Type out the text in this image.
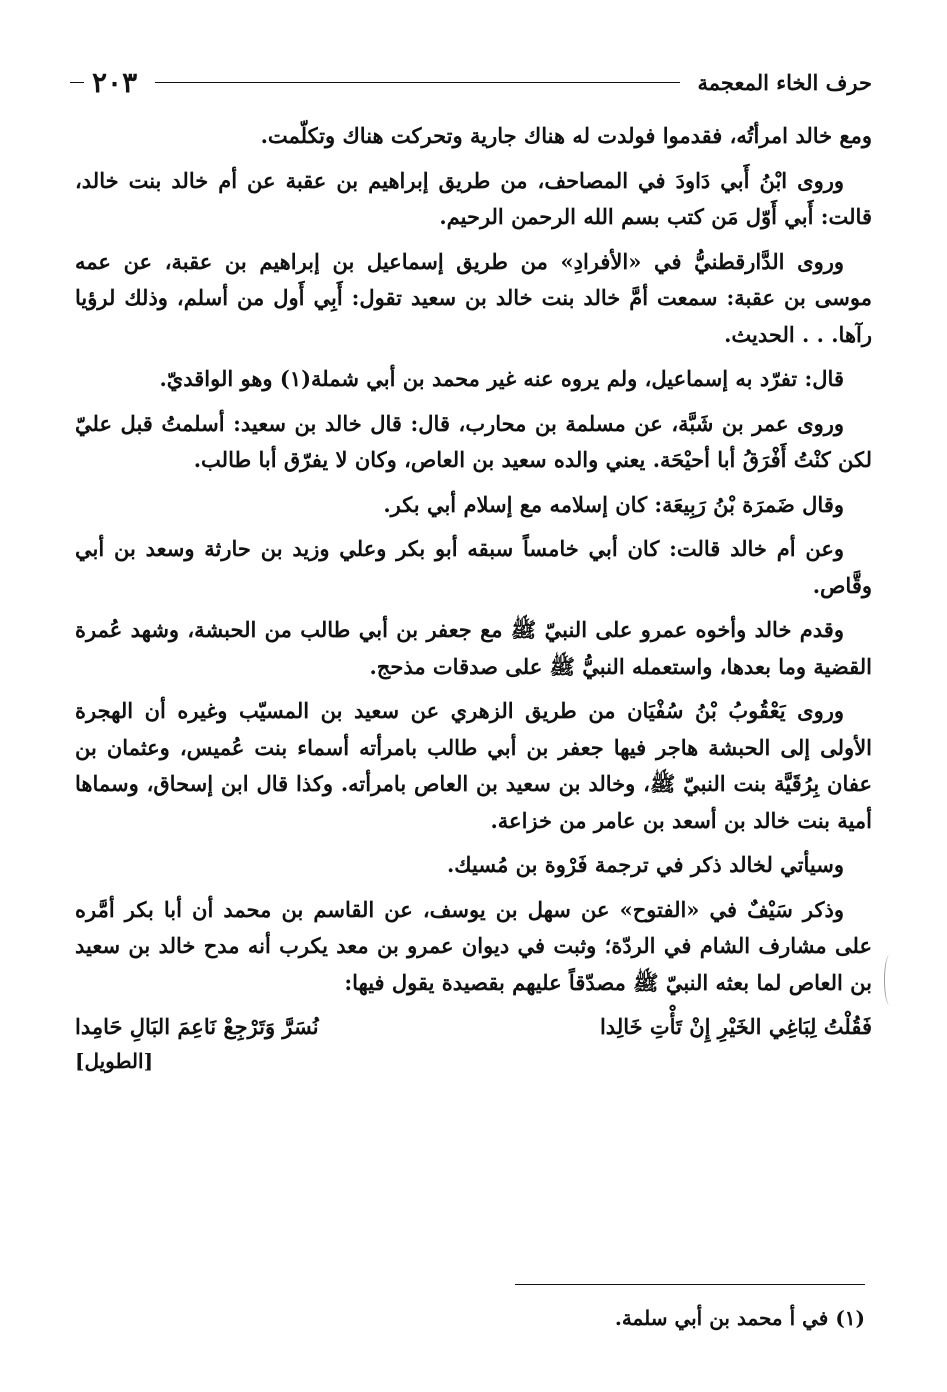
حرف الخاء المعجمة
٢٠٣

ومع خالد امرأتُه، فقدموا فولدت له هناك جارية وتحركت هناك وتكلّمت.

وروى ابْنُ أَبي دَاودَ في المصاحف، من طريق إبراهيم بن عقبة عن أم خالد بنت خالد، قالت: أَبي أَوّل مَن كتب بسم الله الرحمن الرحيم.

وروى الدَّارقطنيُّ في «الأفرادِ» من طريق إسماعيل بن إبراهيم بن عقبة، عن عمه موسى بن عقبة: سمعت أمَّ خالد بنت خالد بن سعيد تقول: أَبِي أَول من أسلم، وذلك لرؤيا رآها. . . الحديث.

قال: تفرّد به إسماعيل، ولم يروه عنه غير محمد بن أبي شملة(١) وهو الواقديّ.

وروى عمر بن شَبَّة، عن مسلمة بن محارب، قال: قال خالد بن سعيد: أسلمتُ قبل عليّ لكن كنْتُ أَفْرَقُ أبا أحيْحَة. يعني والده سعيد بن العاص، وكان لا يفرّق أبا طالب.

وقال ضَمرَة بْنُ رَبِيعَة: كان إسلامه مع إسلام أبي بكر.

وعن أم خالد قالت: كان أبي خامساً سبقه أبو بكر وعلي وزيد بن حارثة وسعد بن أبي وقَّاص.

وقدم خالد وأخوه عمرو على النبيّ ﷺ مع جعفر بن أبي طالب من الحبشة، وشهد عُمرة القضية وما بعدها، واستعمله النبيُّ ﷺ على صدقات مذحج.

وروى يَعْقُوبُ بْنُ سُفْيَان من طريق الزهري عن سعيد بن المسيّب وغيره أن الهجرة الأولى إلى الحبشة هاجر فيها جعفر بن أبي طالب بامرأته أسماء بنت عُميس، وعثمان بن عفان بِرُقَيَّة بنت النبيّ ﷺ، وخالد بن سعيد بن العاص بامرأته. وكذا قال ابن إسحاق، وسماها أمية بنت خالد بن أسعد بن عامر من خزاعة.

وسيأتي لخالد ذكر في ترجمة فَرْوة بن مُسيك.

وذكر سَيْفٌ في «الفتوح» عن سهل بن يوسف، عن القاسم بن محمد أن أبا بكر أمَّره على مشارف الشام في الردّة؛ وثبت في ديوان عمرو بن معد يكرب أنه مدح خالد بن سعيد بن العاص لما بعثه النبيّ ﷺ مصدّقاً عليهم بقصيدة يقول فيها:

فَقُلْتُ لِبَاغِي الخَيْرِ إِنْ تَأْتِ خَالِدا
نُسَرَّ وَتَرْجِعْ نَاعِمَ البَالِ حَامِدا
[الطويل]
(١) في أ محمد بن أبي سلمة.
